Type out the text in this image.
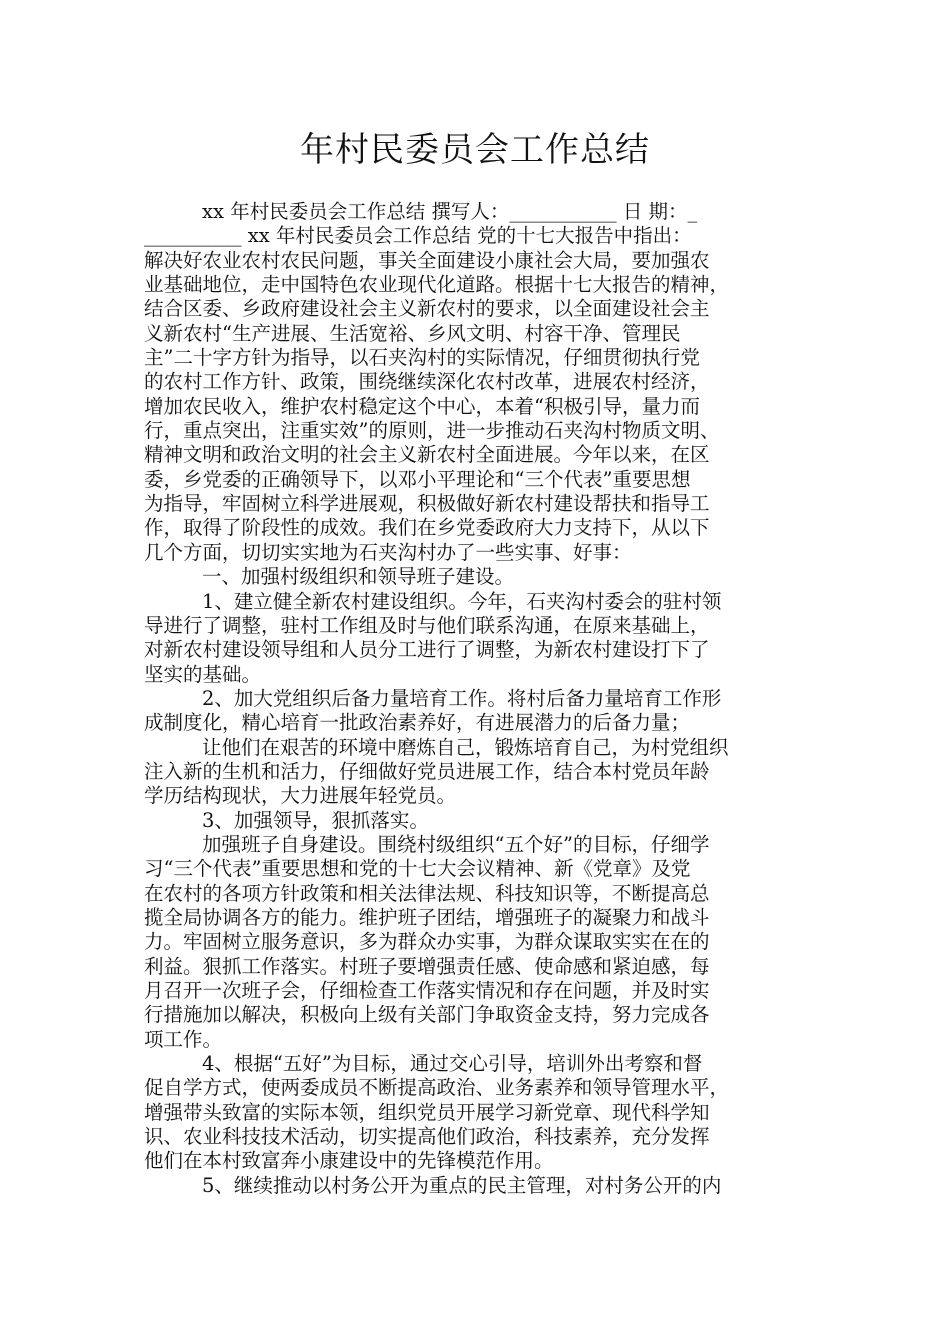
年村民委员会工作总结

xx 年村民委员会工作总结 撰写人：___________ 日 期：_

__________ xx 年村民委员会工作总结 党的十七大报告中指出：

解决好农业农村农民问题，事关全面建设小康社会大局，要加强农

业基础地位，走中国特色农业现代化道路。根据十七大报告的精神，

结合区委、乡政府建设社会主义新农村的要求，以全面建设社会主

义新农村“生产进展、生活宽裕、乡风文明、村容干净、管理民

主”二十字方针为指导，以石夹沟村的实际情况，仔细贯彻执行党

的农村工作方针、政策，围绕继续深化农村改革，进展农村经济，

增加农民收入，维护农村稳定这个中心，本着“积极引导，量力而

行，重点突出，注重实效”的原则，进一步推动石夹沟村物质文明、

精神文明和政治文明的社会主义新农村全面进展。今年以来，在区

委，乡党委的正确领导下，以邓小平理论和“三个代表”重要思想

为指导，牢固树立科学进展观，积极做好新农村建设帮扶和指导工

作，取得了阶段性的成效。我们在乡党委政府大力支持下，从以下

几个方面，切切实实地为石夹沟村办了一些实事、好事：

一、加强村级组织和领导班子建设。

1、建立健全新农村建设组织。今年，石夹沟村委会的驻村领

导进行了调整，驻村工作组及时与他们联系沟通，在原来基础上，

对新农村建设领导组和人员分工进行了调整，为新农村建设打下了

坚实的基础。

2、加大党组织后备力量培育工作。将村后备力量培育工作形

成制度化，精心培育一批政治素养好，有进展潜力的后备力量；

让他们在艰苦的环境中磨炼自己，锻炼培育自己，为村党组织

注入新的生机和活力，仔细做好党员进展工作，结合本村党员年龄

学历结构现状，大力进展年轻党员。

3、加强领导，狠抓落实。

加强班子自身建设。围绕村级组织“五个好”的目标，仔细学

习“三个代表”重要思想和党的十七大会议精神、新《党章》及党

在农村的各项方针政策和相关法律法规、科技知识等，不断提高总

揽全局协调各方的能力。维护班子团结，增强班子的凝聚力和战斗

力。牢固树立服务意识，多为群众办实事，为群众谋取实实在在的

利益。狠抓工作落实。村班子要增强责任感、使命感和紧迫感，每

月召开一次班子会，仔细检查工作落实情况和存在问题，并及时实

行措施加以解决，积极向上级有关部门争取资金支持，努力完成各

项工作。

4、根据“五好”为目标，通过交心引导，培训外出考察和督

促自学方式，使两委成员不断提高政治、业务素养和领导管理水平，

增强带头致富的实际本领，组织党员开展学习新党章、现代科学知

识、农业科技技术活动，切实提高他们政治，科技素养，充分发挥

他们在本村致富奔小康建设中的先锋模范作用。

5、继续推动以村务公开为重点的民主管理，对村务公开的内
